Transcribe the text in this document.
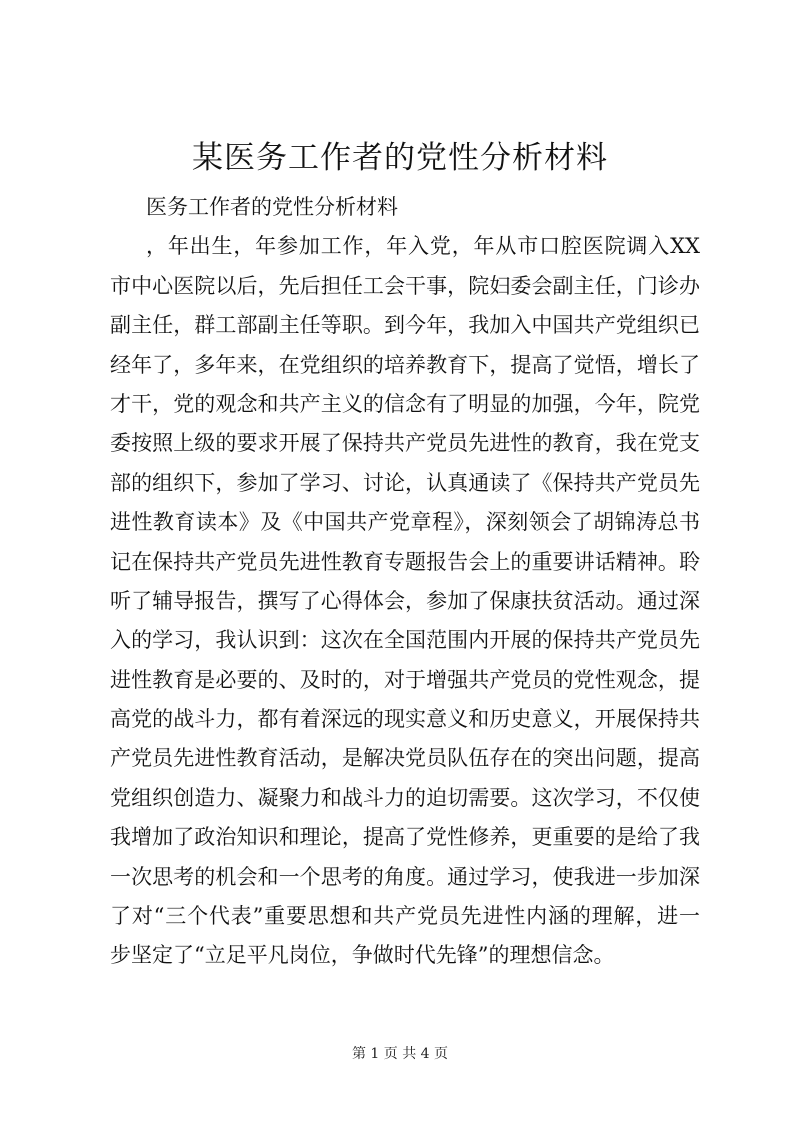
某医务工作者的党性分析材料
医务工作者的党性分析材料
，年出生，年参加工作，年入党，年从市口腔医院调入XX
市中心医院以后，先后担任工会干事，院妇委会副主任，门诊办
副主任，群工部副主任等职。到今年，我加入中国共产党组织已
经年了，多年来，在党组织的培养教育下，提高了觉悟，增长了
才干，党的观念和共产主义的信念有了明显的加强，今年，院党
委按照上级的要求开展了保持共产党员先进性的教育，我在党支
部的组织下，参加了学习、讨论，认真通读了《保持共产党员先
进性教育读本》及《中国共产党章程》，深刻领会了胡锦涛总书
记在保持共产党员先进性教育专题报告会上的重要讲话精神。聆
听了辅导报告，撰写了心得体会，参加了保康扶贫活动。通过深
入的学习，我认识到：这次在全国范围内开展的保持共产党员先
进性教育是必要的、及时的，对于增强共产党员的党性观念，提
高党的战斗力，都有着深远的现实意义和历史意义，开展保持共
产党员先进性教育活动，是解决党员队伍存在的突出问题，提高
党组织创造力、凝聚力和战斗力的迫切需要。这次学习，不仅使
我增加了政治知识和理论，提高了党性修养，更重要的是给了我
一次思考的机会和一个思考的角度。通过学习，使我进一步加深
了对“三个代表”重要思想和共产党员先进性内涵的理解，进一
步坚定了“立足平凡岗位，争做时代先锋”的理想信念。
第 1 页 共 4 页
